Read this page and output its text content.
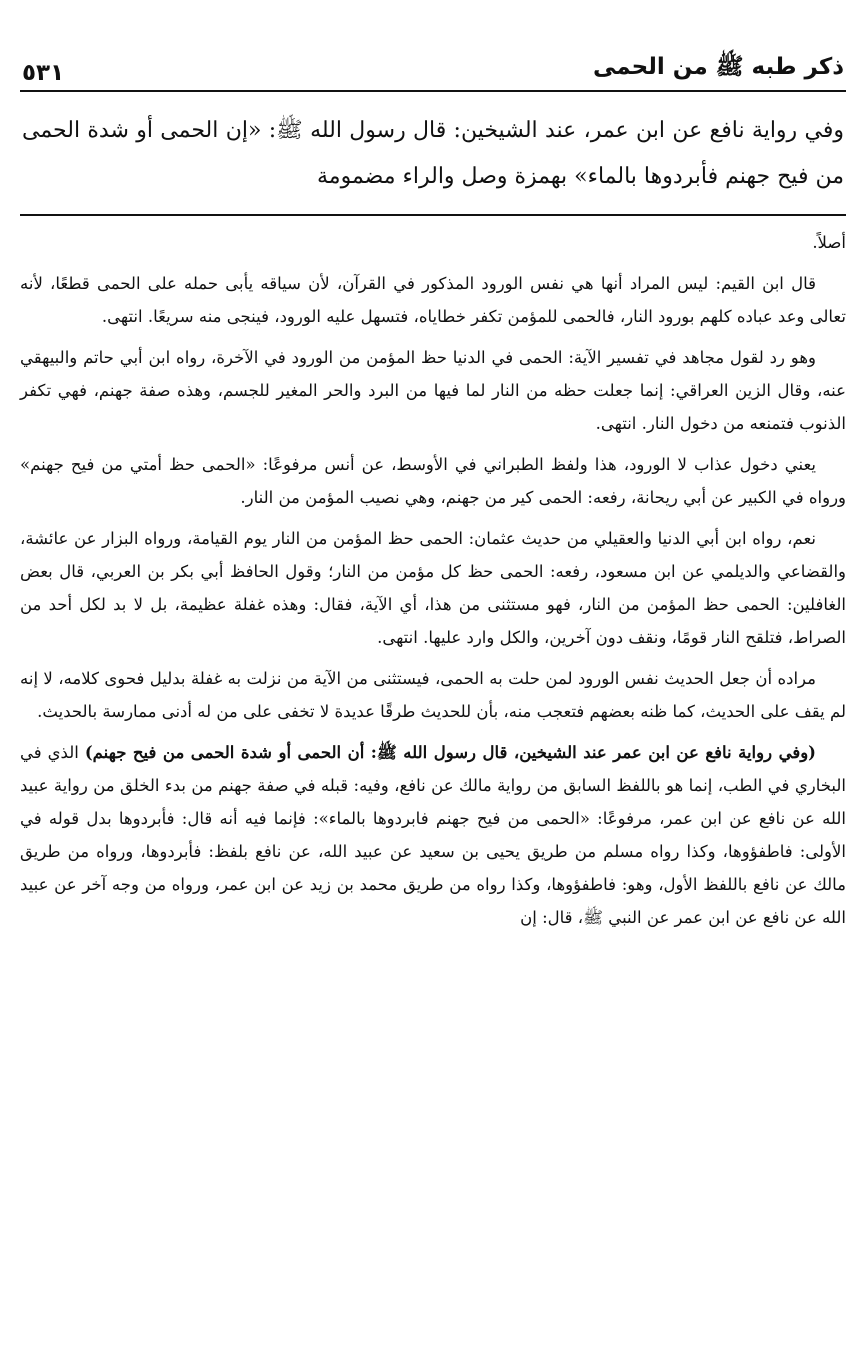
ذكر طبه ﷺ من الحمى
٥٣١
وفي رواية نافع عن ابن عمر، عند الشيخين: قال رسول الله ﷺ: «إن الحمى أو شدة الحمى من فيح جهنم فأبردوها بالماء» بهمزة وصل والراء مضمومة

أصلاً.

قال ابن القيم: ليس المراد أنها هي نفس الورود المذكور في القرآن، لأن سياقه يأبى حمله على الحمى قطعًا، لأنه تعالى وعد عباده كلهم بورود النار، فالحمى للمؤمن تكفر خطاياه، فتسهل عليه الورود، فينجى منه سريعًا. انتهى.

وهو رد لقول مجاهد في تفسير الآية: الحمى في الدنيا حظ المؤمن من الورود في الآخرة، رواه ابن أبي حاتم والبيهقي عنه، وقال الزين العراقي: إنما جعلت حظه من النار لما فيها من البرد والحر المغير للجسم، وهذه صفة جهنم، فهي تكفر الذنوب فتمنعه من دخول النار. انتهى.

يعني دخول عذاب لا الورود، هذا ولفظ الطبراني في الأوسط، عن أنس مرفوعًا: «الحمى حظ أمتي من فيح جهنم» ورواه في الكبير عن أبي ريحانة، رفعه: الحمى كير من جهنم، وهي نصيب المؤمن من النار.

نعم، رواه ابن أبي الدنيا والعقيلي من حديث عثمان: الحمى حظ المؤمن من النار يوم القيامة، ورواه البزار عن عائشة، والقضاعي والديلمي عن ابن مسعود، رفعه: الحمى حظ كل مؤمن من النار؛ وقول الحافظ أبي بكر بن العربي، قال بعض الغافلين: الحمى حظ المؤمن من النار، فهو مستثنى من هذا، أي الآية، فقال: وهذه غفلة عظيمة، بل لا بد لكل أحد من الصراط، فتلقح النار قومًا، ونقف دون آخرين، والكل وارد عليها. انتهى.

مراده أن جعل الحديث نفس الورود لمن حلت به الحمى، فيستثنى من الآية من نزلت به غفلة بدليل فحوى كلامه، لا إنه لم يقف على الحديث، كما ظنه بعضهم فتعجب منه، بأن للحديث طرقًا عديدة لا تخفى على من له أدنى ممارسة بالحديث.

(وفي رواية نافع عن ابن عمر عند الشيخين، قال رسول الله ﷺ: أن الحمى أو شدة الحمى من فيح جهنم) الذي في البخاري في الطب، إنما هو باللفظ السابق من رواية مالك عن نافع، وفيه: قبله في صفة جهنم من بدء الخلق من رواية عبيد الله عن نافع عن ابن عمر، مرفوعًا: «الحمى من فيح جهنم فابردوها بالماء»: فإنما فيه أنه قال: فأبردوها بدل قوله في الأولى: فاطفؤوها، وكذا رواه مسلم من طريق يحيى بن سعيد عن عبيد الله، عن نافع بلفظ: فأبردوها، ورواه من طريق مالك عن نافع باللفظ الأول، وهو: فاطفؤوها، وكذا رواه من طريق محمد بن زيد عن ابن عمر، ورواه من وجه آخر عن عبيد الله عن نافع عن ابن عمر عن النبي ﷺ، قال: إن
